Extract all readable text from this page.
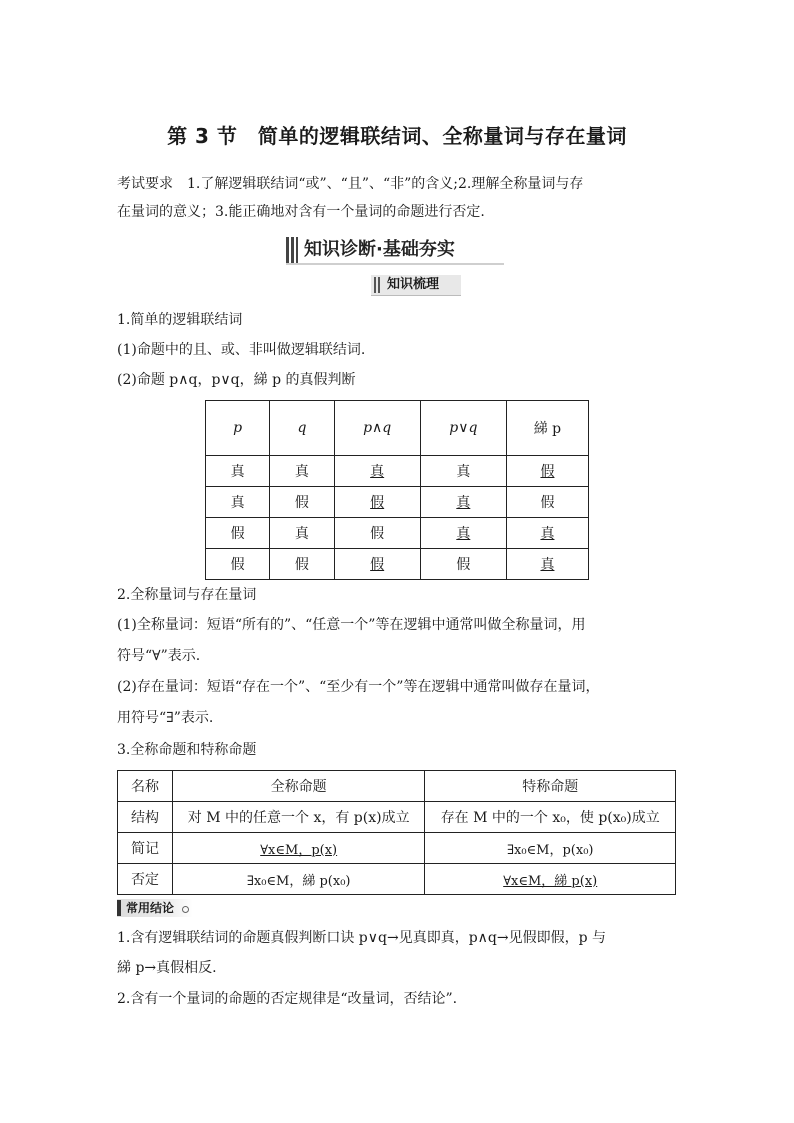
第 3 节　简单的逻辑联结词、全称量词与存在量词
考试要求 1.了解逻辑联结词“或”、“且”、“非”的含义;2.理解全称量词与存
在量词的意义；3.能正确地对含有一个量词的命题进行否定.
知识诊断·基础夯实
知识梳理
1.简单的逻辑联结词
(1)命题中的且、或、非叫做逻辑联结词.
(2)命题 p∧q，p∨q，綈 p 的真假判断
p	q	p∧q	p∨q	綈 p
真	真	真	真	假
真	假	假	真	假
假	真	假	真	真
假	假	假	假	真
2.全称量词与存在量词
(1)全称量词：短语“所有的”、“任意一个”等在逻辑中通常叫做全称量词，用
符号“∀”表示.
(2)存在量词：短语“存在一个”、“至少有一个”等在逻辑中通常叫做存在量词，
用符号“∃”表示.
3.全称命题和特称命题
名称	全称命题	特称命题
结构	对 M 中的任意一个 x，有 p(x)成立	存在 M 中的一个 x₀，使 p(x₀)成立
简记	∀x∈M，p(x)	∃x₀∈M，p(x₀)
否定	∃x₀∈M，綈 p(x₀)	∀x∈M，綈 p(x)
常用结论
1.含有逻辑联结词的命题真假判断口诀 p∨q→见真即真，p∧q→见假即假，p 与
綈 p→真假相反.
2.含有一个量词的命题的否定规律是“改量词，否结论”.
